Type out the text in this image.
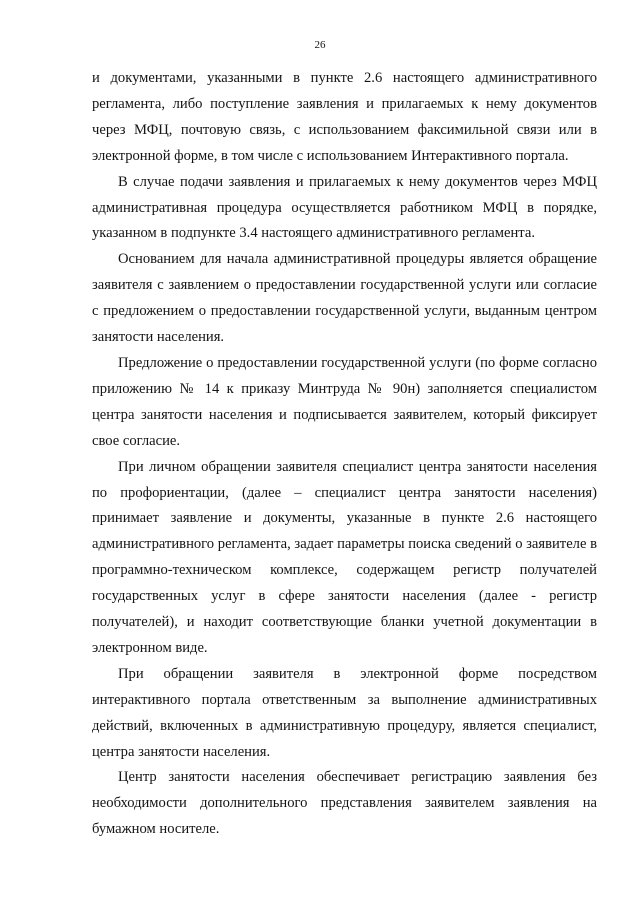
26

и документами, указанными в пункте 2.6 настоящего административного регламента, либо поступление заявления и прилагаемых к нему документов через МФЦ, почтовую связь, с использованием факсимильной связи или в электронной форме, в том числе с использованием Интерактивного портала.

В случае подачи заявления и прилагаемых к нему документов через МФЦ административная процедура осуществляется работником МФЦ в порядке, указанном в подпункте 3.4 настоящего административного регламента.

Основанием для начала административной процедуры является обращение заявителя с заявлением о предоставлении государственной услуги или согласие с предложением о предоставлении государственной услуги, выданным центром занятости населения.

Предложение о предоставлении государственной услуги (по форме согласно приложению № 14 к приказу Минтруда № 90н) заполняется специалистом центра занятости населения и подписывается заявителем, который фиксирует свое согласие.

При личном обращении заявителя специалист центра занятости населения по профориентации, (далее – специалист центра занятости населения) принимает заявление и документы, указанные в пункте 2.6 настоящего административного регламента, задает параметры поиска сведений о заявителе в программно-техническом комплексе, содержащем регистр получателей государственных услуг в сфере занятости населения (далее - регистр получателей), и находит соответствующие бланки учетной документации в электронном виде.

При обращении заявителя в электронной форме посредством интерактивного портала ответственным за выполнение административных действий, включенных в административную процедуру, является специалист, центра занятости населения.

Центр занятости населения обеспечивает регистрацию заявления без необходимости дополнительного представления заявителем заявления на бумажном носителе.
